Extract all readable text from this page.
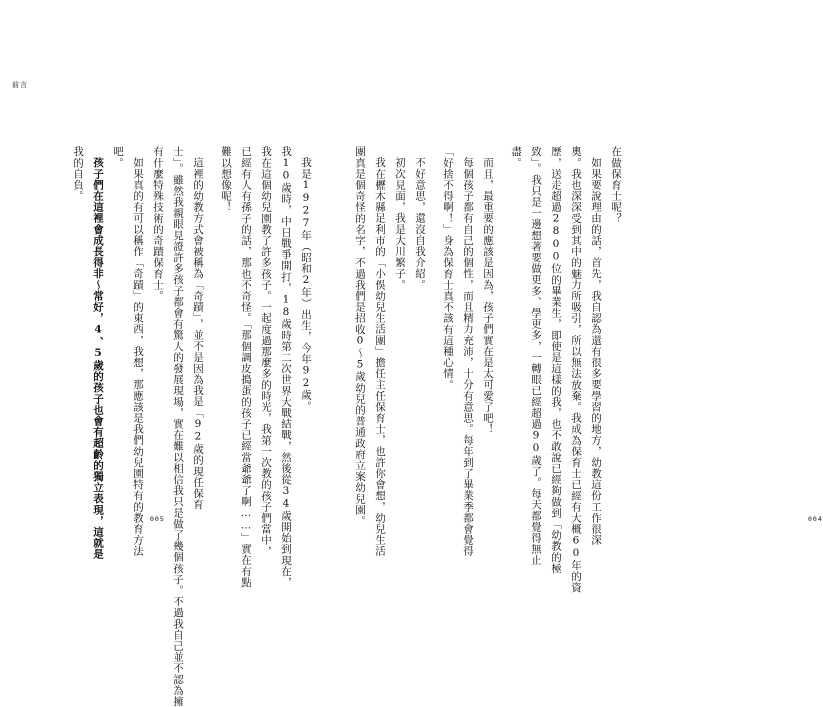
前言
我是1927年（昭和2年）出生，今年92歲。
我10歲時，中日戰爭開打，18歲時第二次世界大戰結戰，然後從34歲開始到現在，
我在這個幼兒園教了許多孩子。一起度過那麼多的時光，我第一次教的孩子們當中，
已經有人有孫子的話，那也不奇怪。「那個調皮搗蛋的孩子已經當爺爺了啊……」實在有點
難以想像呢！
這裡的幼教方式會被稱為「奇蹟」，並不是因為我是「92歲的現任保育
士」。雖然我親眼見證許多孩子都會有驚人的發展現場，實在難以相信我只是做了幾個孩子。不過我自己並不認為擁
有什麼特殊技術的奇蹟保育士。
如果真的有可以稱作「奇蹟」的東西，我想，那應該是我們幼兒園特有的教育方法
吧。
孩子們在這裡會成長得非～常好，4、5歲的孩子也會有超齡的獨立表現，這就是
我的自負。
005
在做保育士呢？
如果要說理由的話，首先，我自認為還有很多要學習的地方，幼教這份工作很深
奧。我也深深受到其中的魅力所吸引，所以無法放棄。我成為保育士已經有大概60年的資
歷，送走超過2800位的畢業生，即使是這樣的我，也不敢說已經夠做到「幼教的極
致」。我只是一邊想著要做更多、學更多，一轉眼已經超過90歲了。每天都覺得無止
盡。
而且，最重要的應該是因為，孩子們實在是太可愛了吧！
每個孩子都有自己的個性，而且精力充沛，十分有意思。每年到了畢業季都會覺得
「好捨不得啊！」身為保育士真不該有這種心情。
不好意思，還沒自我介紹。
初次見面，我是大川繁子。
我在櫪木縣足利市的「小俁幼兒生活團」擔任主任保育士，也許你會想，幼兒生活
團真是個奇怪的名字，不過我們是招收0～5歲幼兒的普通政府立案幼兒園。	004
